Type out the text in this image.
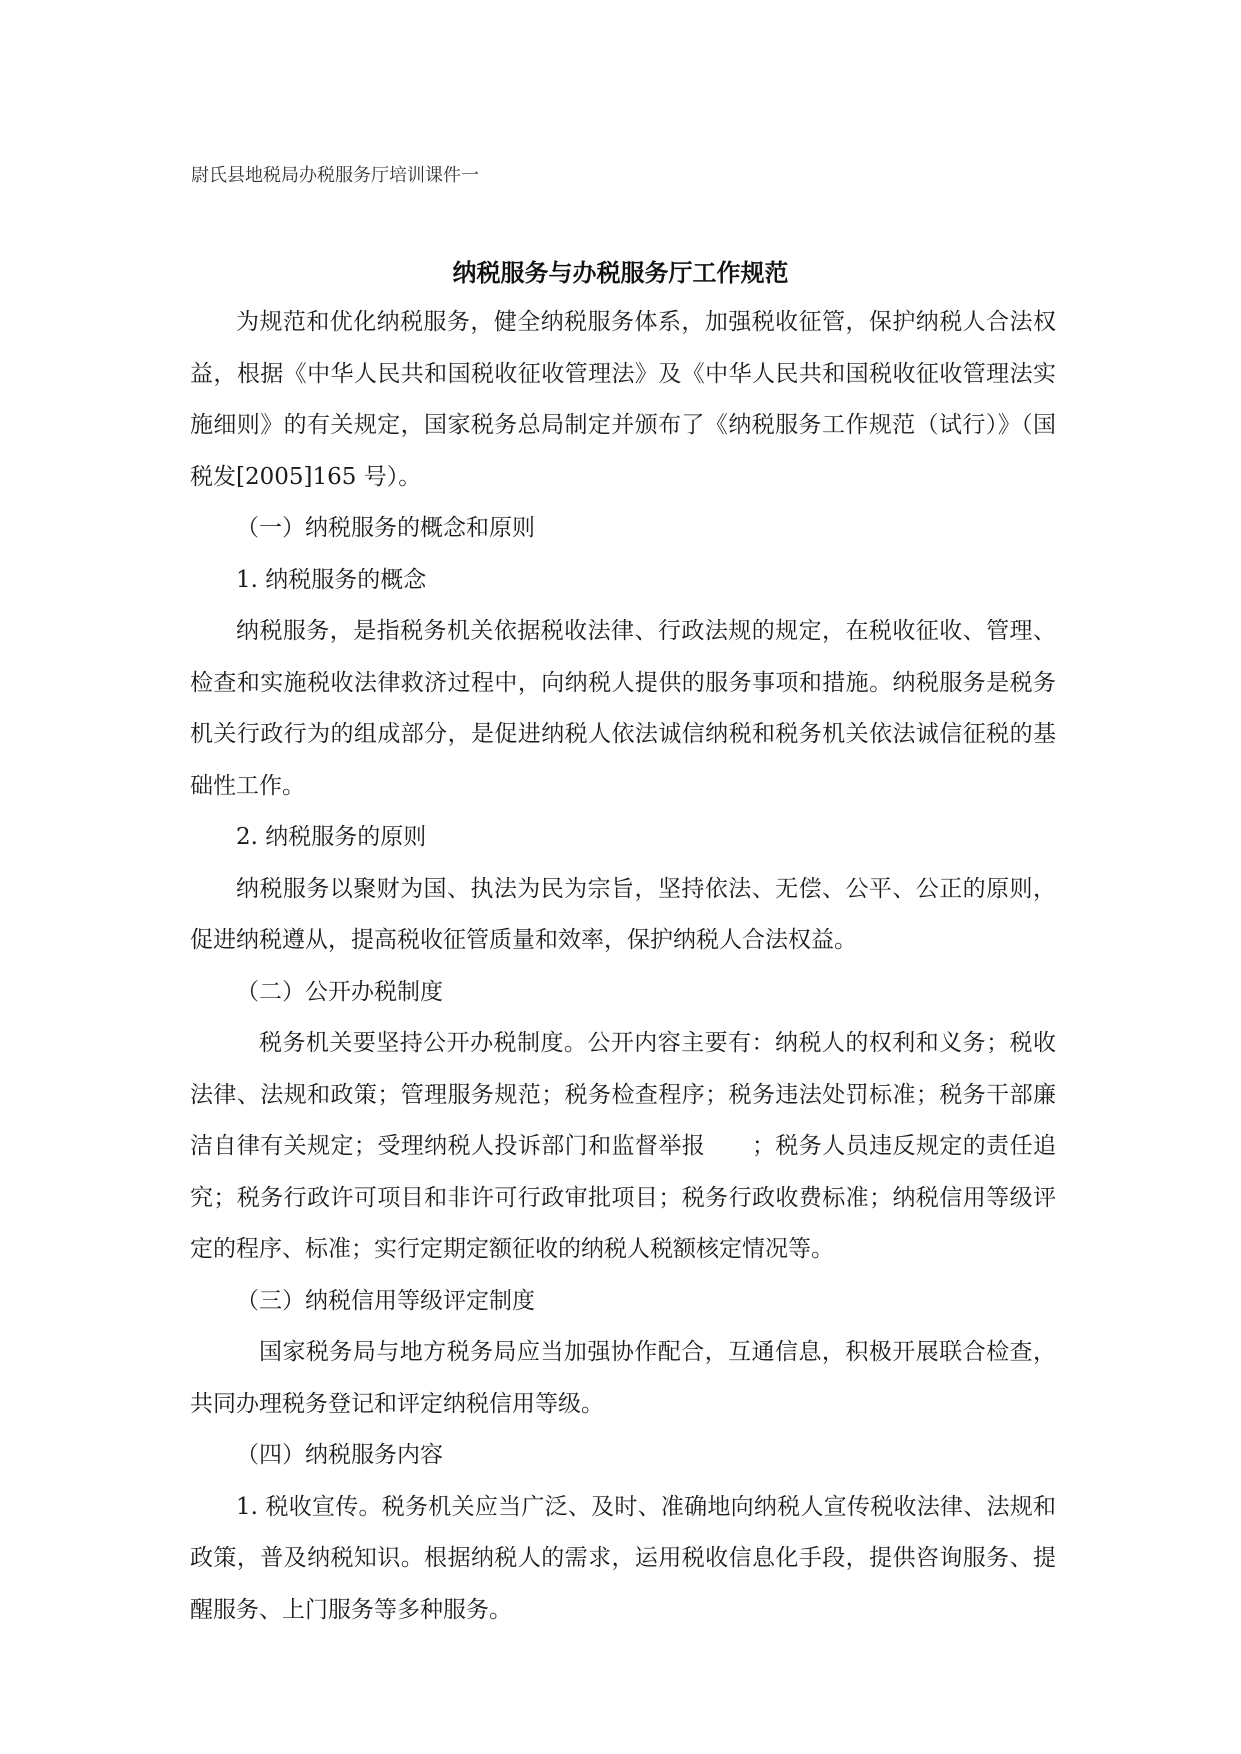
尉氏县地税局办税服务厅培训课件一
纳税服务与办税服务厅工作规范

为规范和优化纳税服务，健全纳税服务体系，加强税收征管，保护纳税人合法权益，根据《中华人民共和国税收征收管理法》及《中华人民共和国税收征收管理法实施细则》的有关规定，国家税务总局制定并颁布了《纳税服务工作规范（试行）》（国税发[2005]165 号）。

（一）纳税服务的概念和原则

1. 纳税服务的概念

纳税服务，是指税务机关依据税收法律、行政法规的规定，在税收征收、管理、检查和实施税收法律救济过程中，向纳税人提供的服务事项和措施。纳税服务是税务机关行政行为的组成部分，是促进纳税人依法诚信纳税和税务机关依法诚信征税的基础性工作。

2. 纳税服务的原则

纳税服务以聚财为国、执法为民为宗旨，坚持依法、无偿、公平、公正的原则，促进纳税遵从，提高税收征管质量和效率，保护纳税人合法权益。

（二）公开办税制度

税务机关要坚持公开办税制度。公开内容主要有：纳税人的权利和义务；税收法律、法规和政策；管理服务规范；税务检查程序；税务违法处罚标准；税务干部廉洁自律有关规定；受理纳税人投诉部门和监督举报　　；税务人员违反规定的责任追究；税务行政许可项目和非许可行政审批项目；税务行政收费标准；纳税信用等级评定的程序、标准；实行定期定额征收的纳税人税额核定情况等。

（三）纳税信用等级评定制度

国家税务局与地方税务局应当加强协作配合，互通信息，积极开展联合检查，共同办理税务登记和评定纳税信用等级。

（四）纳税服务内容

1. 税收宣传。税务机关应当广泛、及时、准确地向纳税人宣传税收法律、法规和政策，普及纳税知识。根据纳税人的需求，运用税收信息化手段，提供咨询服务、提醒服务、上门服务等多种服务。
